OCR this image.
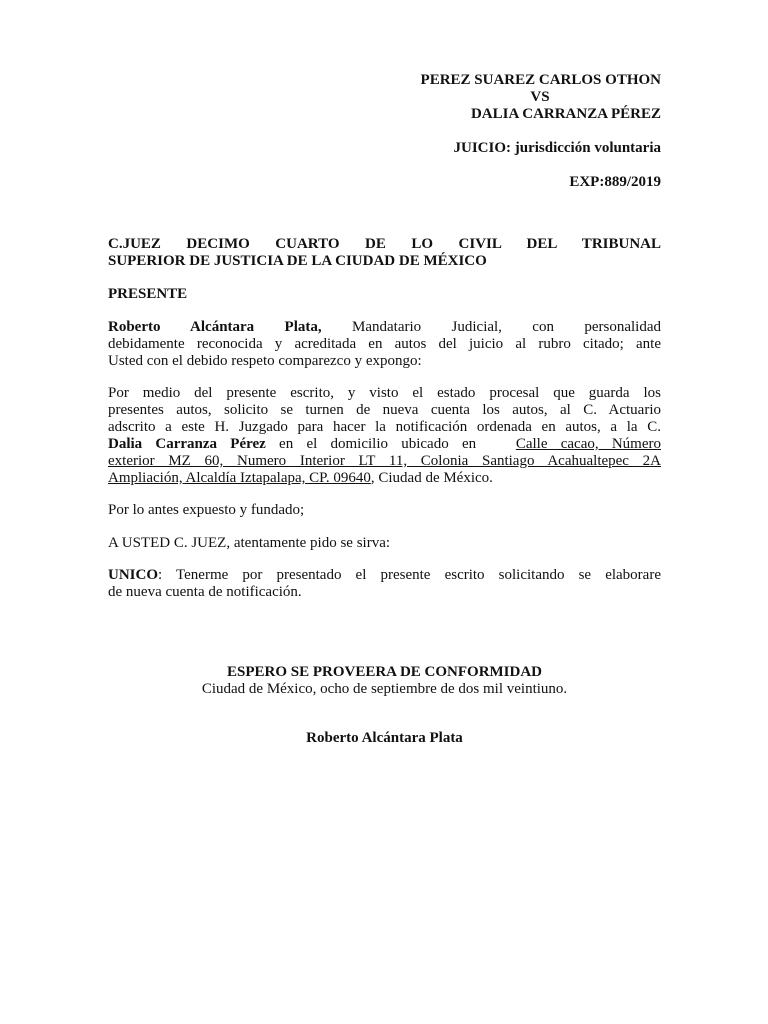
PEREZ SUAREZ CARLOS OTHON
VS
DALIA CARRANZA PÉREZ
JUICIO: jurisdicción voluntaria
EXP:889/2019
C.JUEZ DECIMO CUARTO DE LO CIVIL DEL TRIBUNAL
SUPERIOR DE JUSTICIA DE LA CIUDAD DE MÉXICO
PRESENTE
Roberto Alcántara Plata, Mandatario Judicial, con personalidad
debidamente reconocida y acreditada en autos del juicio al rubro citado; ante
Usted con el debido respeto comparezco y expongo:
Por medio del presente escrito, y visto el estado procesal que guarda los
presentes autos, solicito se turnen de nueva cuenta los autos, al C. Actuario
adscrito a este H. Juzgado para hacer la notificación ordenada en autos, a la C.
Dalia Carranza Pérez en el domicilio ubicado en   Calle cacao, Número
exterior MZ 60, Numero Interior LT 11, Colonia Santiago Acahualtepec 2A
Ampliación, Alcaldía Iztapalapa, CP. 09640, Ciudad de México.
Por lo antes expuesto y fundado;
A USTED C. JUEZ, atentamente pido se sirva:
UNICO: Tenerme por presentado el presente escrito solicitando se elaborare
de nueva cuenta de notificación.
ESPERO SE PROVEERA DE CONFORMIDAD
Ciudad de México, ocho de septiembre de dos mil veintiuno.
Roberto Alcántara Plata
